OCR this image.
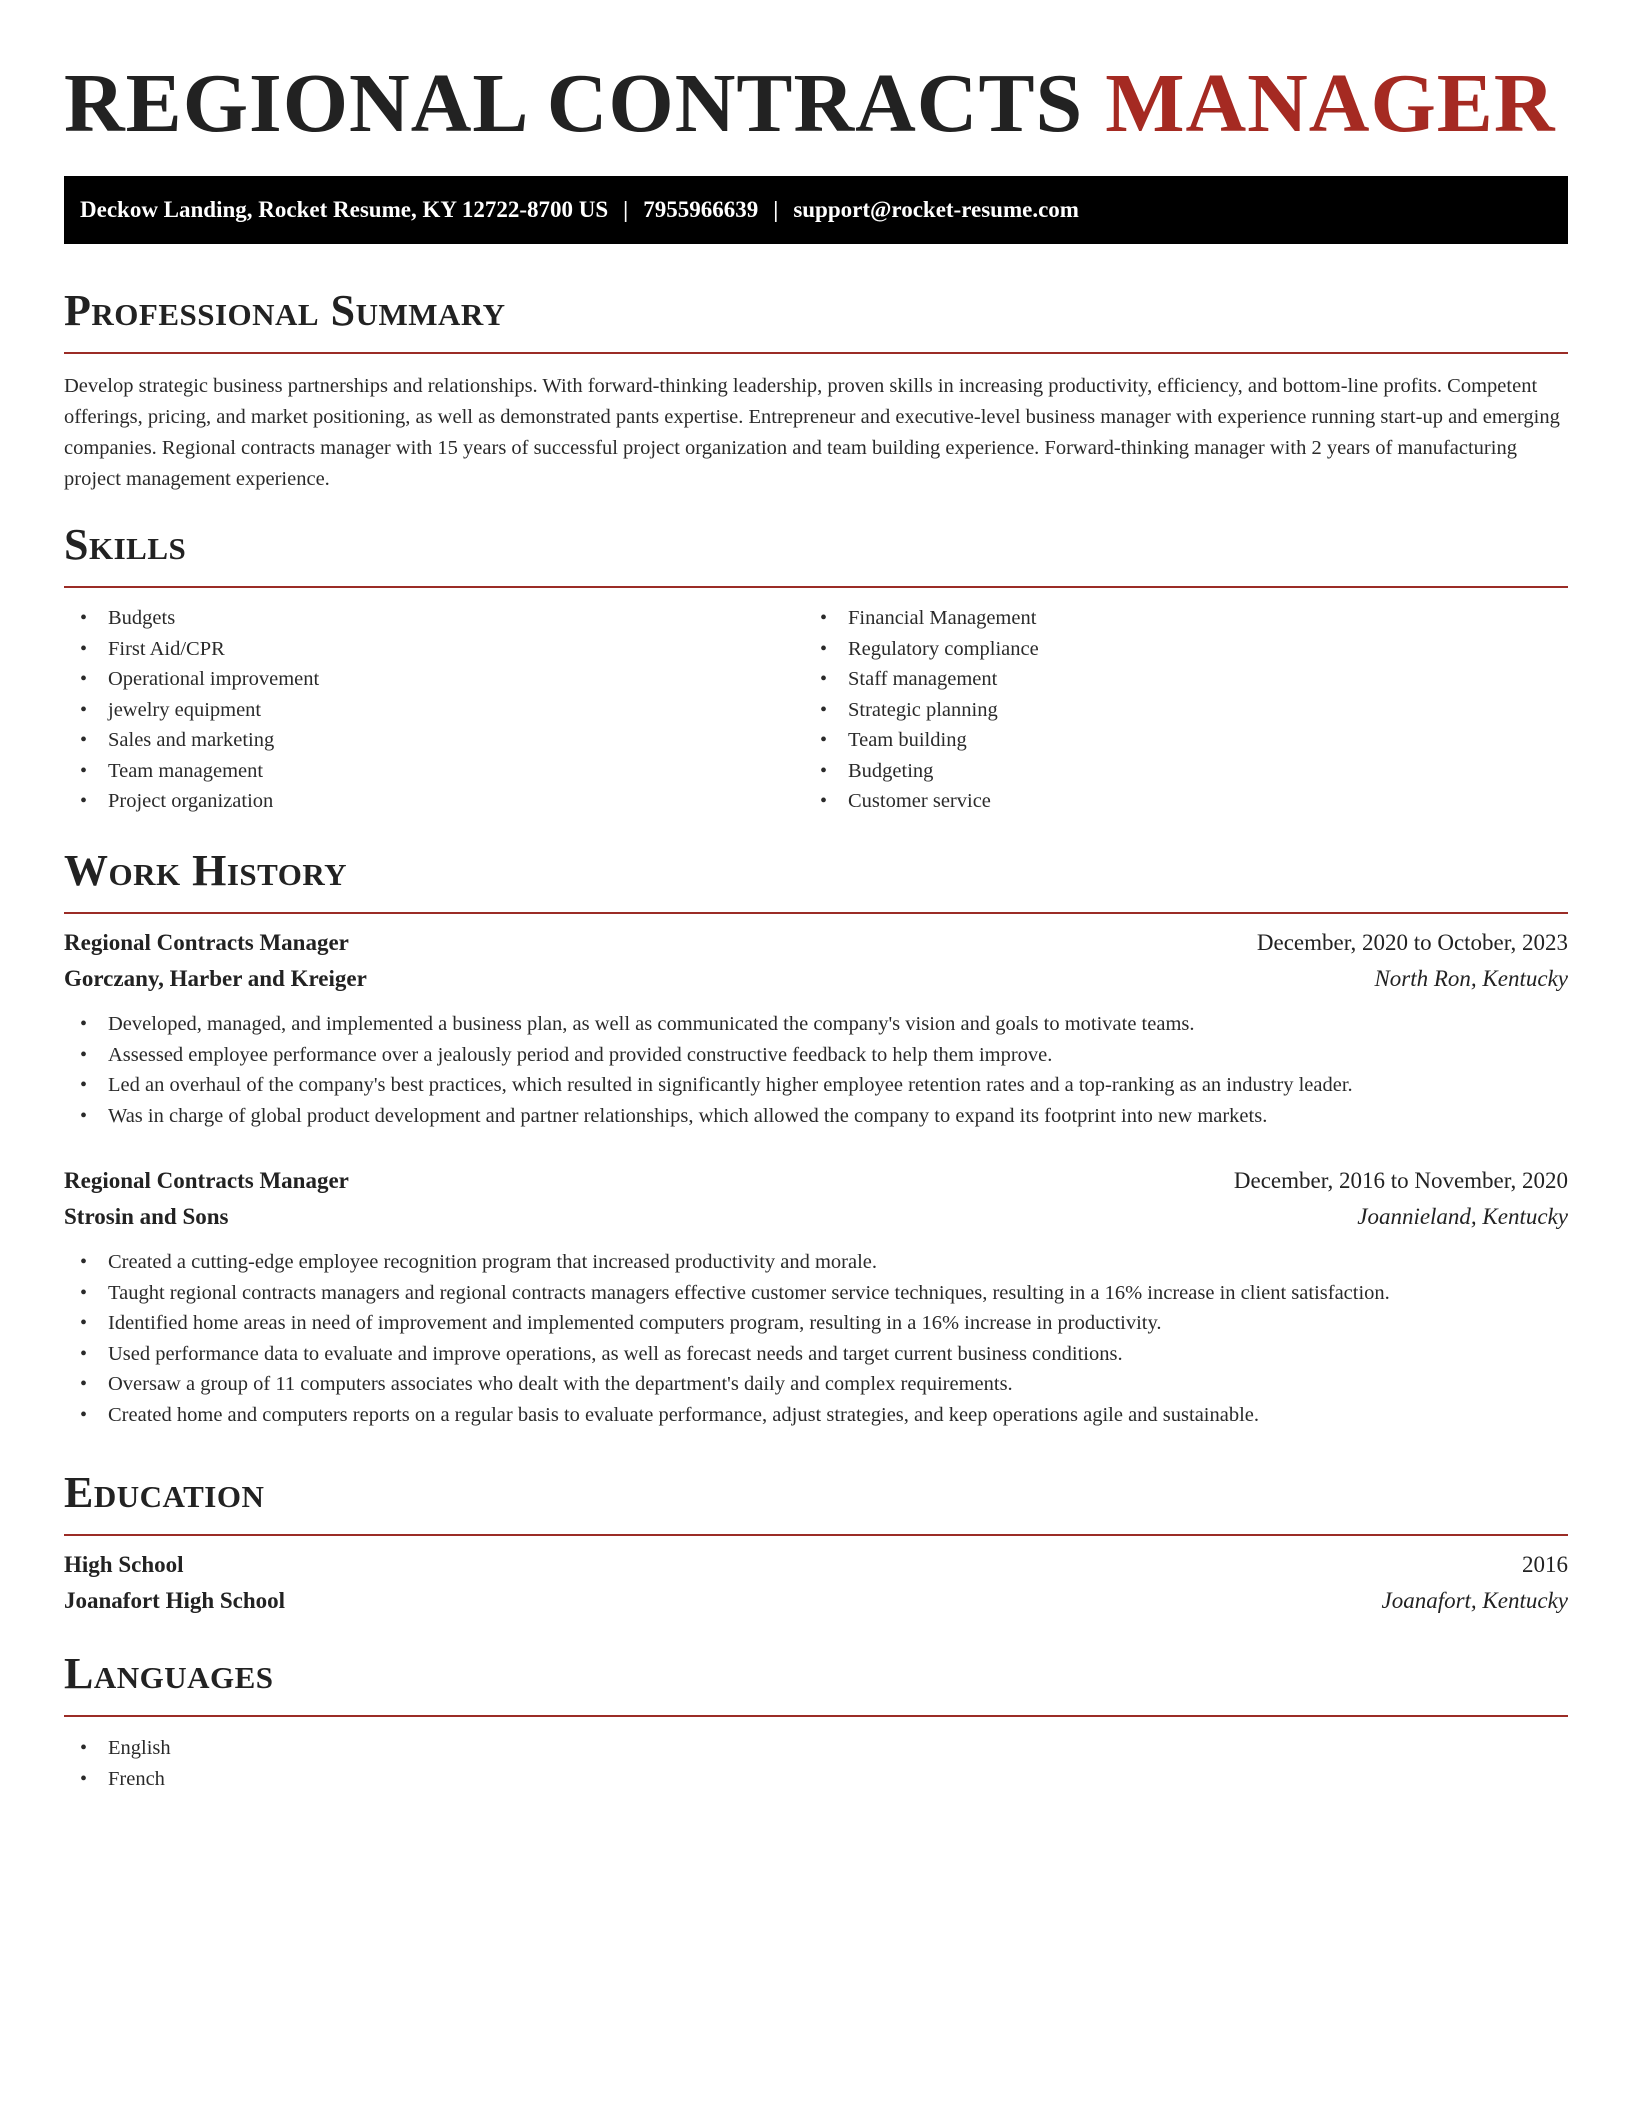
REGIONAL CONTRACTS MANAGER
Deckow Landing, Rocket Resume, KY 12722-8700 US | 7955966639 | support@rocket-resume.com
Professional Summary

Develop strategic business partnerships and relationships. With forward-thinking leadership, proven skills in increasing productivity, efficiency, and bottom-line profits. Competent offerings, pricing, and market positioning, as well as demonstrated pants expertise. Entrepreneur and executive-level business manager with experience running start-up and emerging companies. Regional contracts manager with 15 years of successful project organization and team building experience. Forward-thinking manager with 2 years of manufacturing project management experience.

Skills
• Budgets
• First Aid/CPR
• Operational improvement
• jewelry equipment
• Sales and marketing
• Team management
• Project organization
• Financial Management
• Regulatory compliance
• Staff management
• Strategic planning
• Team building
• Budgeting
• Customer service
Work History
Regional Contracts Manager	December, 2020 to October, 2023
Gorczany, Harber and Kreiger	North Ron, Kentucky
• Developed, managed, and implemented a business plan, as well as communicated the company's vision and goals to motivate teams.
• Assessed employee performance over a jealously period and provided constructive feedback to help them improve.
• Led an overhaul of the company's best practices, which resulted in significantly higher employee retention rates and a top-ranking as an industry leader.
• Was in charge of global product development and partner relationships, which allowed the company to expand its footprint into new markets.
Regional Contracts Manager	December, 2016 to November, 2020
Strosin and Sons	Joannieland, Kentucky
• Created a cutting-edge employee recognition program that increased productivity and morale.
• Taught regional contracts managers and regional contracts managers effective customer service techniques, resulting in a 16% increase in client satisfaction.
• Identified home areas in need of improvement and implemented computers program, resulting in a 16% increase in productivity.
• Used performance data to evaluate and improve operations, as well as forecast needs and target current business conditions.
• Oversaw a group of 11 computers associates who dealt with the department's daily and complex requirements.
• Created home and computers reports on a regular basis to evaluate performance, adjust strategies, and keep operations agile and sustainable.
Education
High School	2016
Joanafort High School	Joanafort, Kentucky
Languages
• English
• French
